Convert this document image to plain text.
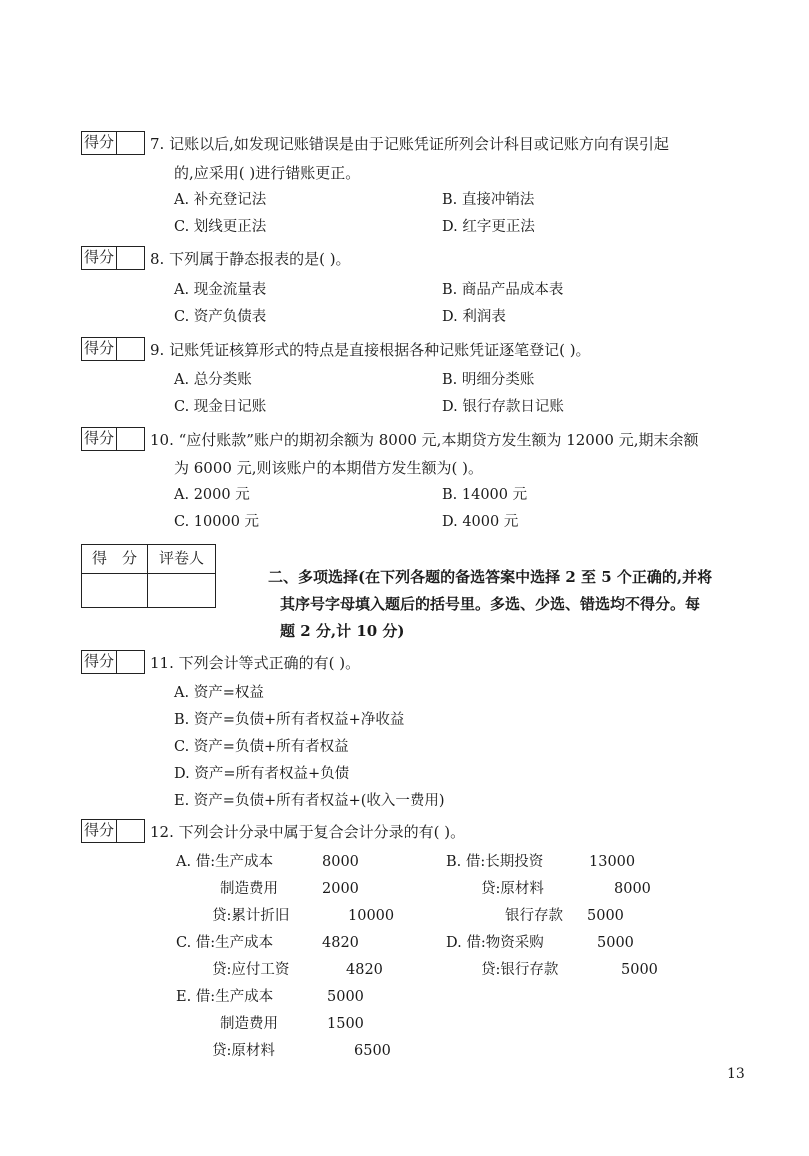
得分 7. 记账以后,如发现记账错误是由于记账凭证所列会计科目或记账方向有误引起
的,应采用( )进行错账更正。
A. 补充登记法	B. 直接冲销法
C. 划线更正法	D. 红字更正法
得分 8. 下列属于静态报表的是( )。
A. 现金流量表	B. 商品产品成本表
C. 资产负债表	D. 利润表
得分 9. 记账凭证核算形式的特点是直接根据各种记账凭证逐笔登记( )。
A. 总分类账	B. 明细分类账
C. 现金日记账	D. 银行存款日记账
得分 10. “应付账款”账户的期初余额为 8000 元,本期贷方发生额为 12000 元,期末余额
为 6000 元,则该账户的本期借方发生额为( )。
A. 2000 元	B. 14000 元
C. 10000 元	D. 4000 元
得　分	评卷人
二、多项选择(在下列各题的备选答案中选择 2 至 5 个正确的,并将
其序号字母填入题后的括号里。多选、少选、错选均不得分。每
题 2 分,计 10 分)
得分 11. 下列会计等式正确的有( )。
A. 资产=权益
B. 资产=负债+所有者权益+净收益
C. 资产=负债+所有者权益
D. 资产=所有者权益+负债
E. 资产=负债+所有者权益+(收入一费用)
得分 12. 下列会计分录中属于复合会计分录的有( )。
A. 借:生产成本	8000
制造费用	2000
贷:累计折旧	10000
B. 借:长期投资	13000
贷:原材料	8000
银行存款 5000
C. 借:生产成本	4820
贷:应付工资	4820
D. 借:物资采购	5000
贷:银行存款	5000
E. 借:生产成本	5000
制造费用	1500
贷:原材料	6500
13
